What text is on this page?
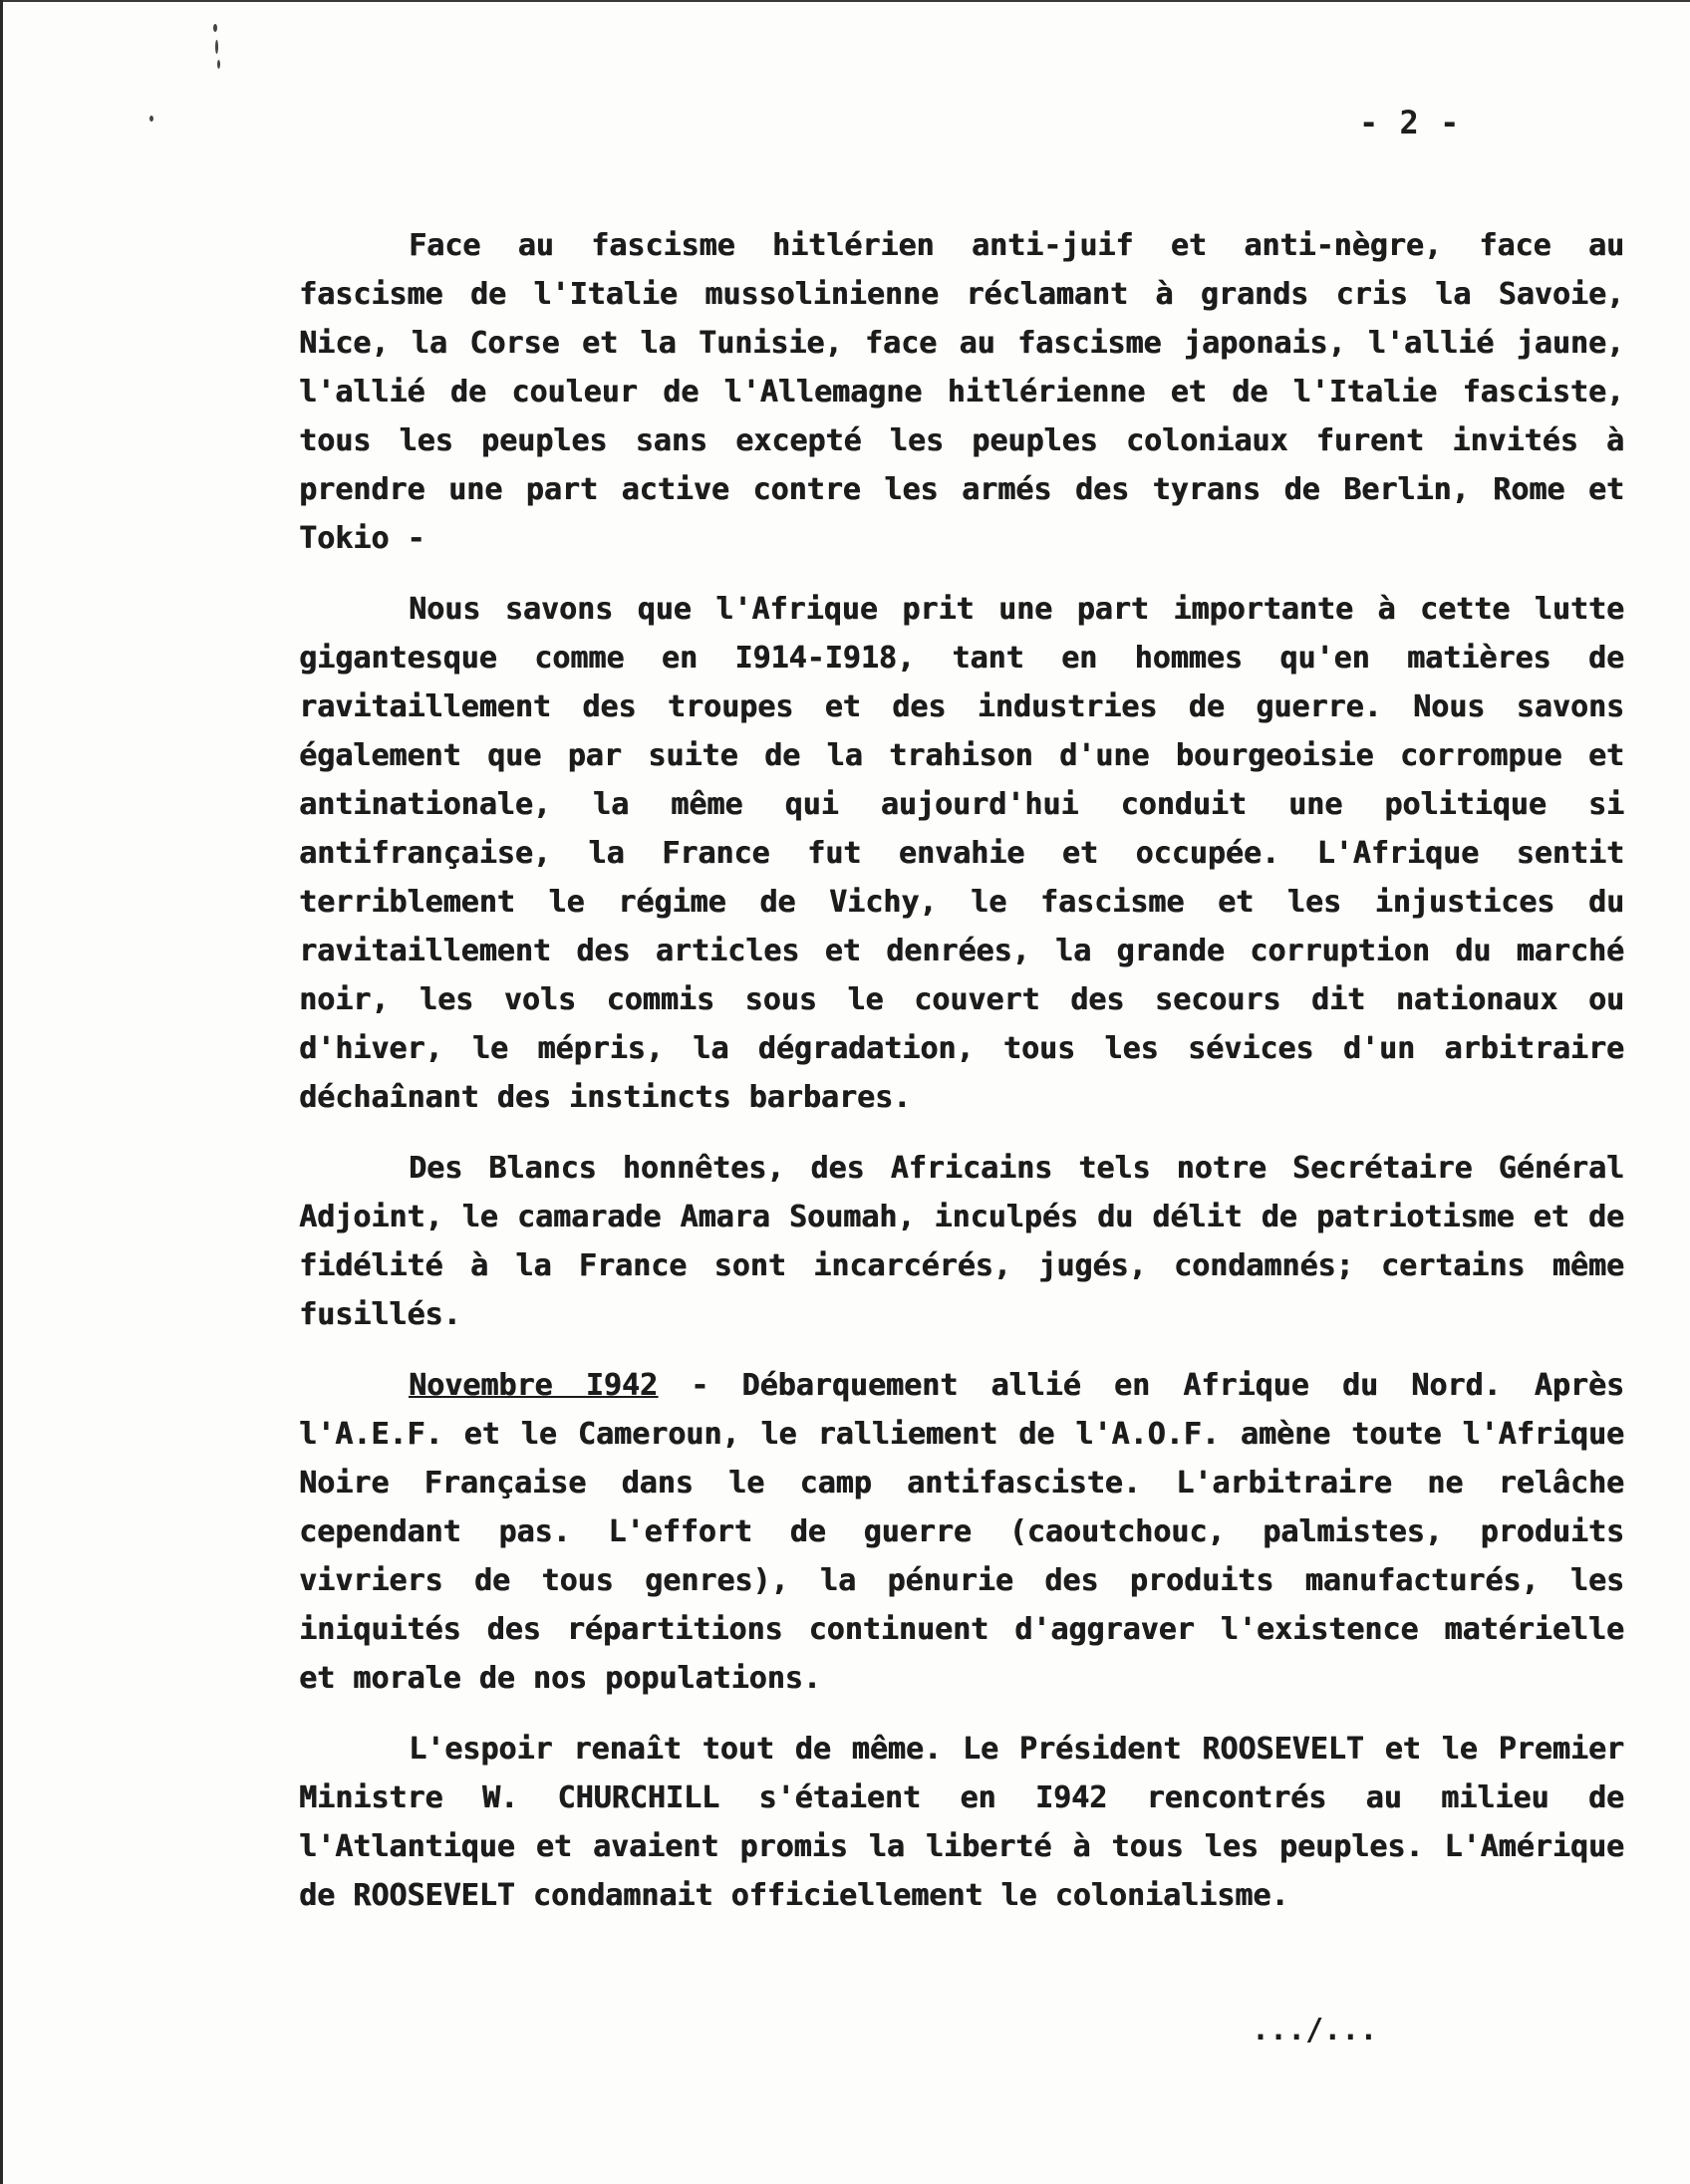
- 2 -

Face au fascisme hitlérien anti-juif et anti-nègre, face au fascisme de l'Italie mussolinienne réclamant à grands cris la Savoie, Nice, la Corse et la Tunisie, face au fascisme japonais, l'allié jaune, l'allié de couleur de l'Allemagne hitlérienne et de l'Italie fasciste, tous les peuples sans excepté les peuples coloniaux furent invités à prendre une part active contre les armés des tyrans de Berlin, Rome et Tokio -

Nous savons que l'Afrique prit une part importante à cette lutte gigantesque comme en I914-I918, tant en hommes qu'en matières de ravitaillement des troupes et des industries de guerre. Nous savons également que par suite de la trahison d'une bourgeoisie corrompue et antinationale, la même qui aujourd'hui conduit une politique si antifrançaise, la France fut envahie et occupée. L'Afrique sentit terriblement le régime de Vichy, le fascisme et les injustices du ravitaillement des articles et denrées, la grande corruption du marché noir, les vols commis sous le couvert des secours dit nationaux ou d'hiver, le mépris, la dégradation, tous les sévices d'un arbitraire déchaînant des instincts barbares.

Des Blancs honnêtes, des Africains tels notre Secrétaire Général Adjoint, le camarade Amara Soumah, inculpés du délit de patriotisme et de fidélité à la France sont incarcérés, jugés, condamnés; certains même fusillés.

Novembre I942 - Débarquement allié en Afrique du Nord. Après l'A.E.F. et le Cameroun, le ralliement de l'A.O.F. amène toute l'Afrique Noire Française dans le camp antifasciste. L'arbitraire ne relâche cependant pas. L'effort de guerre (caoutchouc, palmistes, produits vivriers de tous genres), la pénurie des produits manufacturés, les iniquités des répartitions continuent d'aggraver l'existence matérielle et morale de nos populations.

L'espoir renaît tout de même. Le Président ROOSEVELT et le Premier Ministre W. CHURCHILL s'étaient en I942 rencontrés au milieu de l'Atlantique et avaient promis la liberté à tous les peuples. L'Amérique de ROOSEVELT condamnait officiellement le colonialisme.

.../...
